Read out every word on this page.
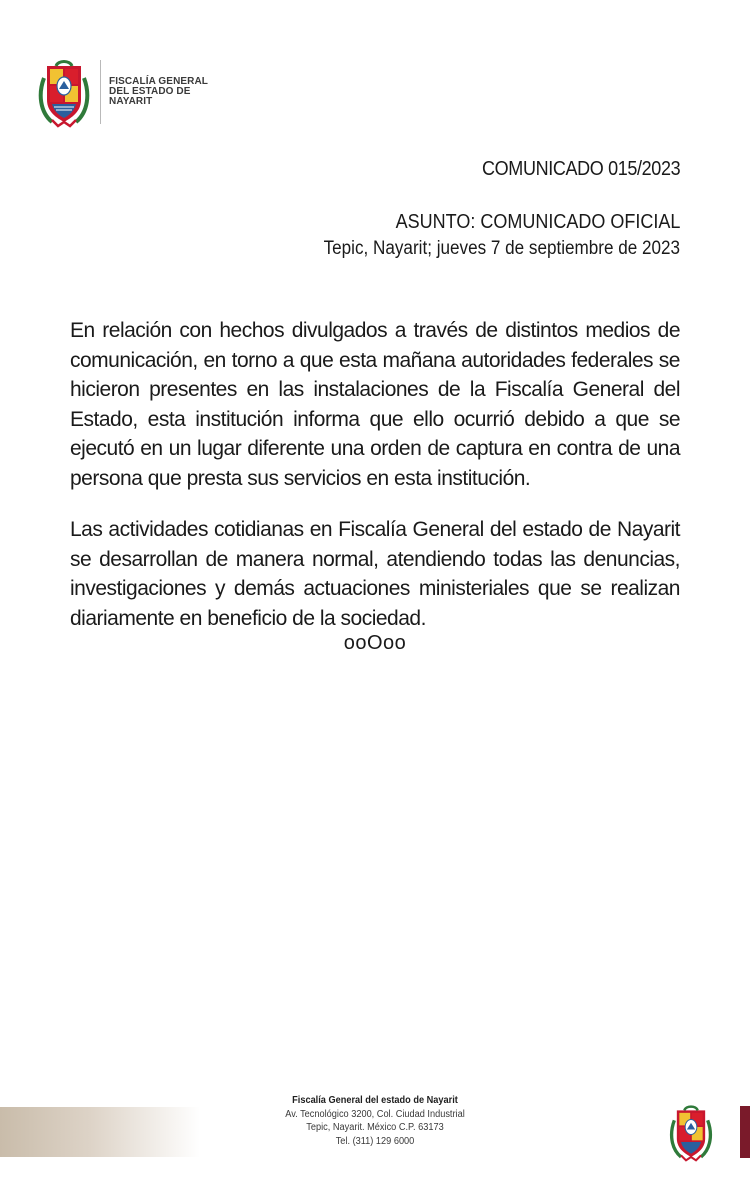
FISCALÍA GENERAL
DEL ESTADO DE
NAYARIT
COMUNICADO 015/2023
ASUNTO: COMUNICADO OFICIAL
Tepic, Nayarit; jueves 7 de septiembre de 2023
En relación con hechos divulgados a través de distintos medios de comunicación, en torno a que esta mañana autoridades federales se hicieron presentes en las instalaciones de la Fiscalía General del Estado, esta institución informa que ello ocurrió debido a que se ejecutó en un lugar diferente una orden de captura en contra de una persona que presta sus servicios en esta institución.
Las actividades cotidianas en Fiscalía General del estado de Nayarit se desarrollan de manera normal, atendiendo todas las denuncias, investigaciones y demás actuaciones ministeriales que se realizan diariamente en beneficio de la sociedad.
ooOoo
Fiscalía General del estado de Nayarit
Av. Tecnológico 3200, Col. Ciudad Industrial
Tepic, Nayarit. México C.P. 63173
Tel. (311) 129 6000
